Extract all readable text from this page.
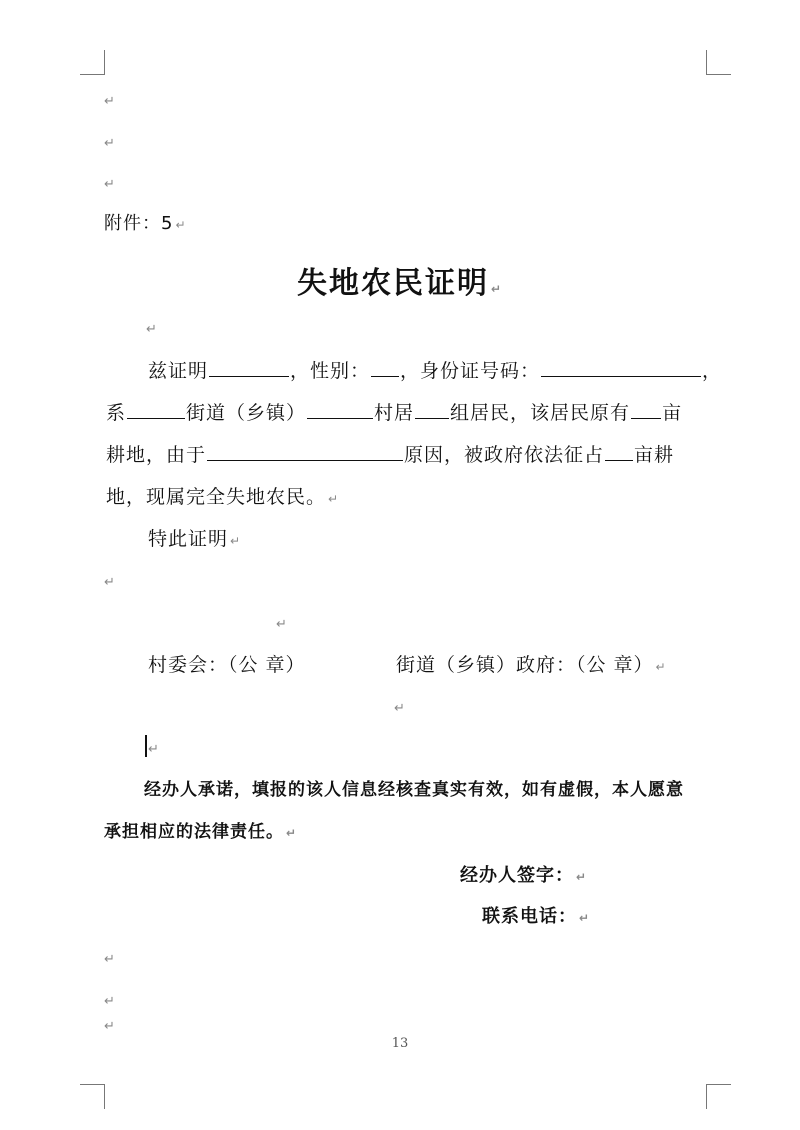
↵
↵
↵
附件：5 ↵
失地农民证明 ↵
↵
兹证明	，性别： ，身份证号码：	，
系	街道（乡镇）	村居 组居民，该居民原有 亩
耕地，由于	原因，被政府依法征占 亩耕
地，现属完全失地农民。 ↵
特此证明 ↵
↵
↵
村委会：（公 章）	街道（乡镇）政府：（公 章） ↵
↵
↵
经办人承诺，填报的该人信息经核查真实有效，如有虚假，本人愿意
承担相应的法律责任。 ↵
经办人签字： ↵
联系电话： ↵
↵
↵
↵
13
